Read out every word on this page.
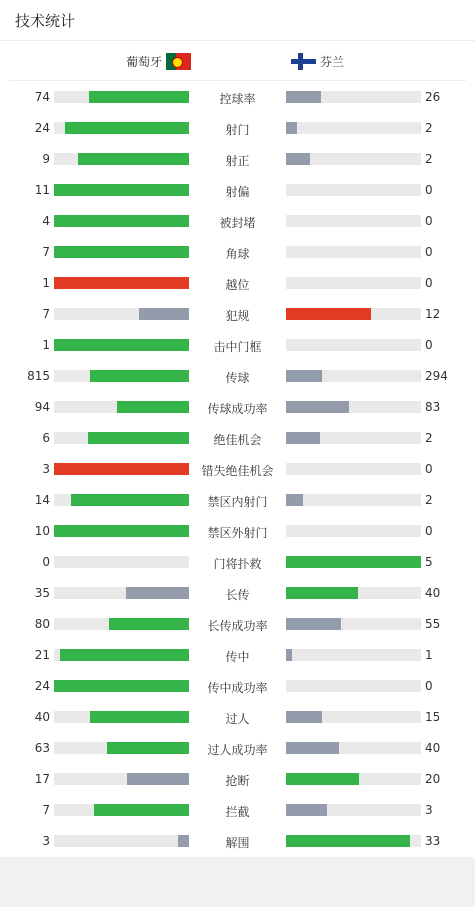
技术统计
葡萄牙	芬兰
74	控球率	26
24	射门	2
9	射正	2
11	射偏	0
4	被封堵	0
7	角球	0
1	越位	0
7	犯规	12
1	击中门框	0
815	传球	294
94	传球成功率	83
6	绝佳机会	2
3	错失绝佳机会	0
14	禁区内射门	2
10	禁区外射门	0
0	门将扑救	5
35	长传	40
80	长传成功率	55
21	传中	1
24	传中成功率	0
40	过人	15
63	过人成功率	40
17	抢断	20
7	拦截	3
3	解围	33
